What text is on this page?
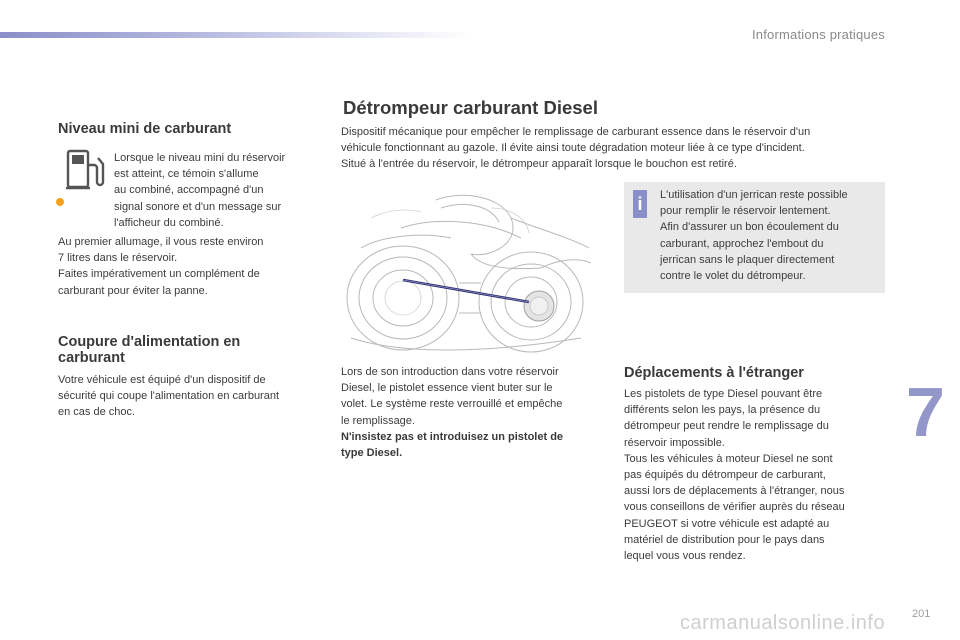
Informations pratiques
Niveau mini de carburant
Lorsque le niveau mini du réservoir
est atteint, ce témoin s'allume
au combiné, accompagné d'un
signal sonore et d'un message sur
l'afficheur du combiné.
Au premier allumage, il vous reste environ
7 litres dans le réservoir.
Faites impérativement un complément de
carburant pour éviter la panne.
Coupure d'alimentation en carburant
Votre véhicule est équipé d'un dispositif de
sécurité qui coupe l'alimentation en carburant
en cas de choc.
Détrompeur carburant Diesel
Dispositif mécanique pour empêcher le remplissage de carburant essence dans le réservoir d'un
véhicule fonctionnant au gazole. Il évite ainsi toute dégradation moteur liée à ce type d'incident.
Situé à l'entrée du réservoir, le détrompeur apparaît lorsque le bouchon est retiré.
Lors de son introduction dans votre réservoir
Diesel, le pistolet essence vient buter sur le
volet. Le système reste verrouillé et empêche
le remplissage.
N'insistez pas et introduisez un pistolet de
type Diesel.
i	L'utilisation d'un jerrican reste possible
pour remplir le réservoir lentement.
Afin d'assurer un bon écoulement du
carburant, approchez l'embout du
jerrican sans le plaquer directement
contre le volet du détrompeur.
Déplacements à l'étranger
Les pistolets de type Diesel pouvant être
différents selon les pays, la présence du
détrompeur peut rendre le remplissage du
réservoir impossible.
Tous les véhicules à moteur Diesel ne sont
pas équipés du détrompeur de carburant,
aussi lors de déplacements à l'étranger, nous
vous conseillons de vérifier auprès du réseau
PEUGEOT si votre véhicule est adapté au
matériel de distribution pour le pays dans
lequel vous vous rendez.
7
carmanualsonline.info 201
